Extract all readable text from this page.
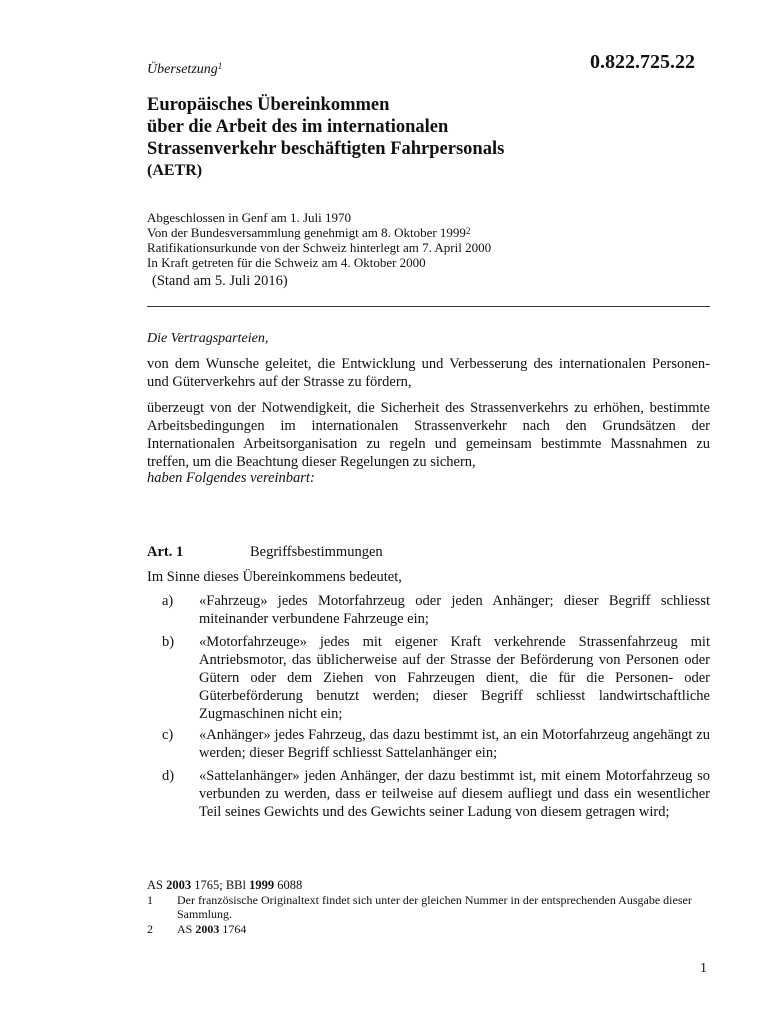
Übersetzung$^1$	0.822.725.22
Europäisches Übereinkommen
über die Arbeit des im internationalen
Strassenverkehr beschäftigten Fahrpersonals
(AETR)
Abgeschlossen in Genf am 1. Juli 1970
Von der Bundesversammlung genehmigt am 8. Oktober 1999$^2$
Ratifikationsurkunde von der Schweiz hinterlegt am 7. April 2000
In Kraft getreten für die Schweiz am 4. Oktober 2000
(Stand am 5. Juli 2016)
Die Vertragsparteien,
von dem Wunsche geleitet, die Entwicklung und Verbesserung des internationalen Personen- und Güterverkehrs auf der Strasse zu fördern,
überzeugt von der Notwendigkeit, die Sicherheit des Strassenverkehrs zu erhöhen, bestimmte Arbeitsbedingungen im internationalen Strassenverkehr nach den Grundsätzen der Internationalen Arbeitsorganisation zu regeln und gemeinsam bestimmte Massnahmen zu treffen, um die Beachtung dieser Regelungen zu sichern,
haben Folgendes vereinbart:
Art. 1	Begriffsbestimmungen
Im Sinne dieses Übereinkommens bedeutet,
a)	«Fahrzeug» jedes Motorfahrzeug oder jeden Anhänger; dieser Begriff schliesst miteinander verbundene Fahrzeuge ein;
b)	«Motorfahrzeuge» jedes mit eigener Kraft verkehrende Strassenfahrzeug mit Antriebsmotor, das üblicherweise auf der Strasse der Beförderung von Personen oder Gütern oder dem Ziehen von Fahrzeugen dient, die für die Personen- oder Güterbeförderung benutzt werden; dieser Begriff schliesst landwirtschaftliche Zugmaschinen nicht ein;
c)	«Anhänger» jedes Fahrzeug, das dazu bestimmt ist, an ein Motorfahrzeug angehängt zu werden; dieser Begriff schliesst Sattelanhänger ein;
d)	«Sattelanhänger» jeden Anhänger, der dazu bestimmt ist, mit einem Motorfahrzeug so verbunden zu werden, dass er teilweise auf diesem aufliegt und dass ein wesentlicher Teil seines Gewichts und des Gewichts seiner Ladung von diesem getragen wird;
AS 2003 1765; BBl 1999 6088
1 Der französische Originaltext findet sich unter der gleichen Nummer in der entsprechenden Ausgabe dieser Sammlung.
2 AS 2003 1764
1
